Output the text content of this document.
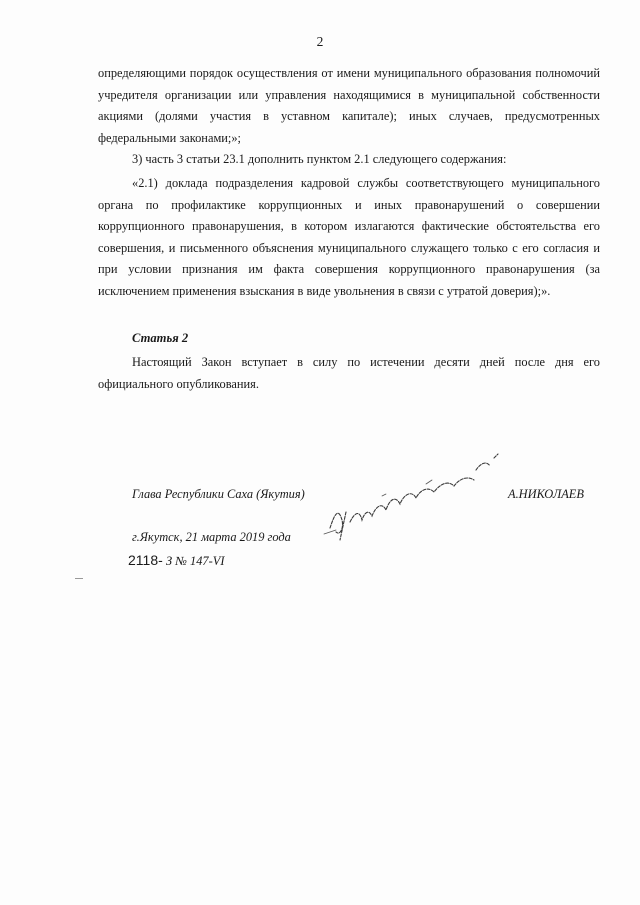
2

определяющими порядок осуществления от имени муниципального образования полномочий учредителя организации или управления находящимися в муниципальной собственности акциями (долями участия в уставном капитале); иных случаев, предусмотренных федеральными законами;»;

3) часть 3 статьи 23.1 дополнить пунктом 2.1 следующего содержания:

«2.1) доклада подразделения кадровой службы соответствующего муниципального органа по профилактике коррупционных и иных правонарушений о совершении коррупционного правонарушения, в котором излагаются фактические обстоятельства его совершения, и письменного объяснения муниципального служащего только с его согласия и при условии признания им факта совершения коррупционного правонарушения (за исключением применения взыскания в виде увольнения в связи с утратой доверия);».

Статья 2

Настоящий Закон вступает в силу по истечении десяти дней после дня его официального опубликования.

Глава Республики Саха (Якутия)	А.НИКОЛАЕВ
г.Якутск, 21 марта 2019 года
2118- З № 147-VI
